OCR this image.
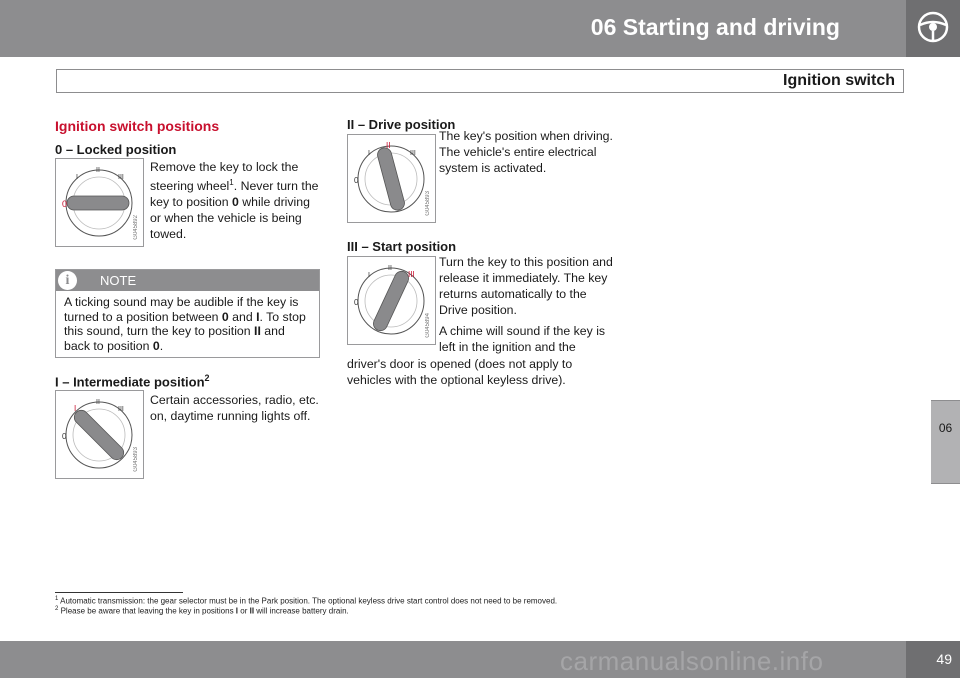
06 Starting and driving
Ignition switch
06
Ignition switch positions
0 – Locked position
0
I
II
III
G045892
Remove the key to lock the steering wheel$^1$. Never turn the key to position 0 while driving or when the vehicle is being towed.
i	NOTE
A ticking sound may be audible if the key is turned to a position between 0 and I. To stop this sound, turn the key to position II and back to position 0.
I – Intermediate position$^2$
0
I
II
III
G045893
Certain accessories, radio, etc. on, daytime running lights off.
II – Drive position
0
I
II
III
G045893
The key's position when driving. The vehicle's entire electrical system is activated.
III – Start position
0
I
II
III
G045894
Turn the key to this position and release it immediately. The key returns automatically to the Drive position.
A chime will sound if the key is left in the ignition and the
driver's door is opened (does not apply to vehicles with the optional keyless drive).
$^1$ Automatic transmission: the gear selector must be in the Park position. The optional keyless drive start control does not need to be removed.
$^2$ Please be aware that leaving the key in positions I or II will increase battery drain.
carmanualsonline.info	49
